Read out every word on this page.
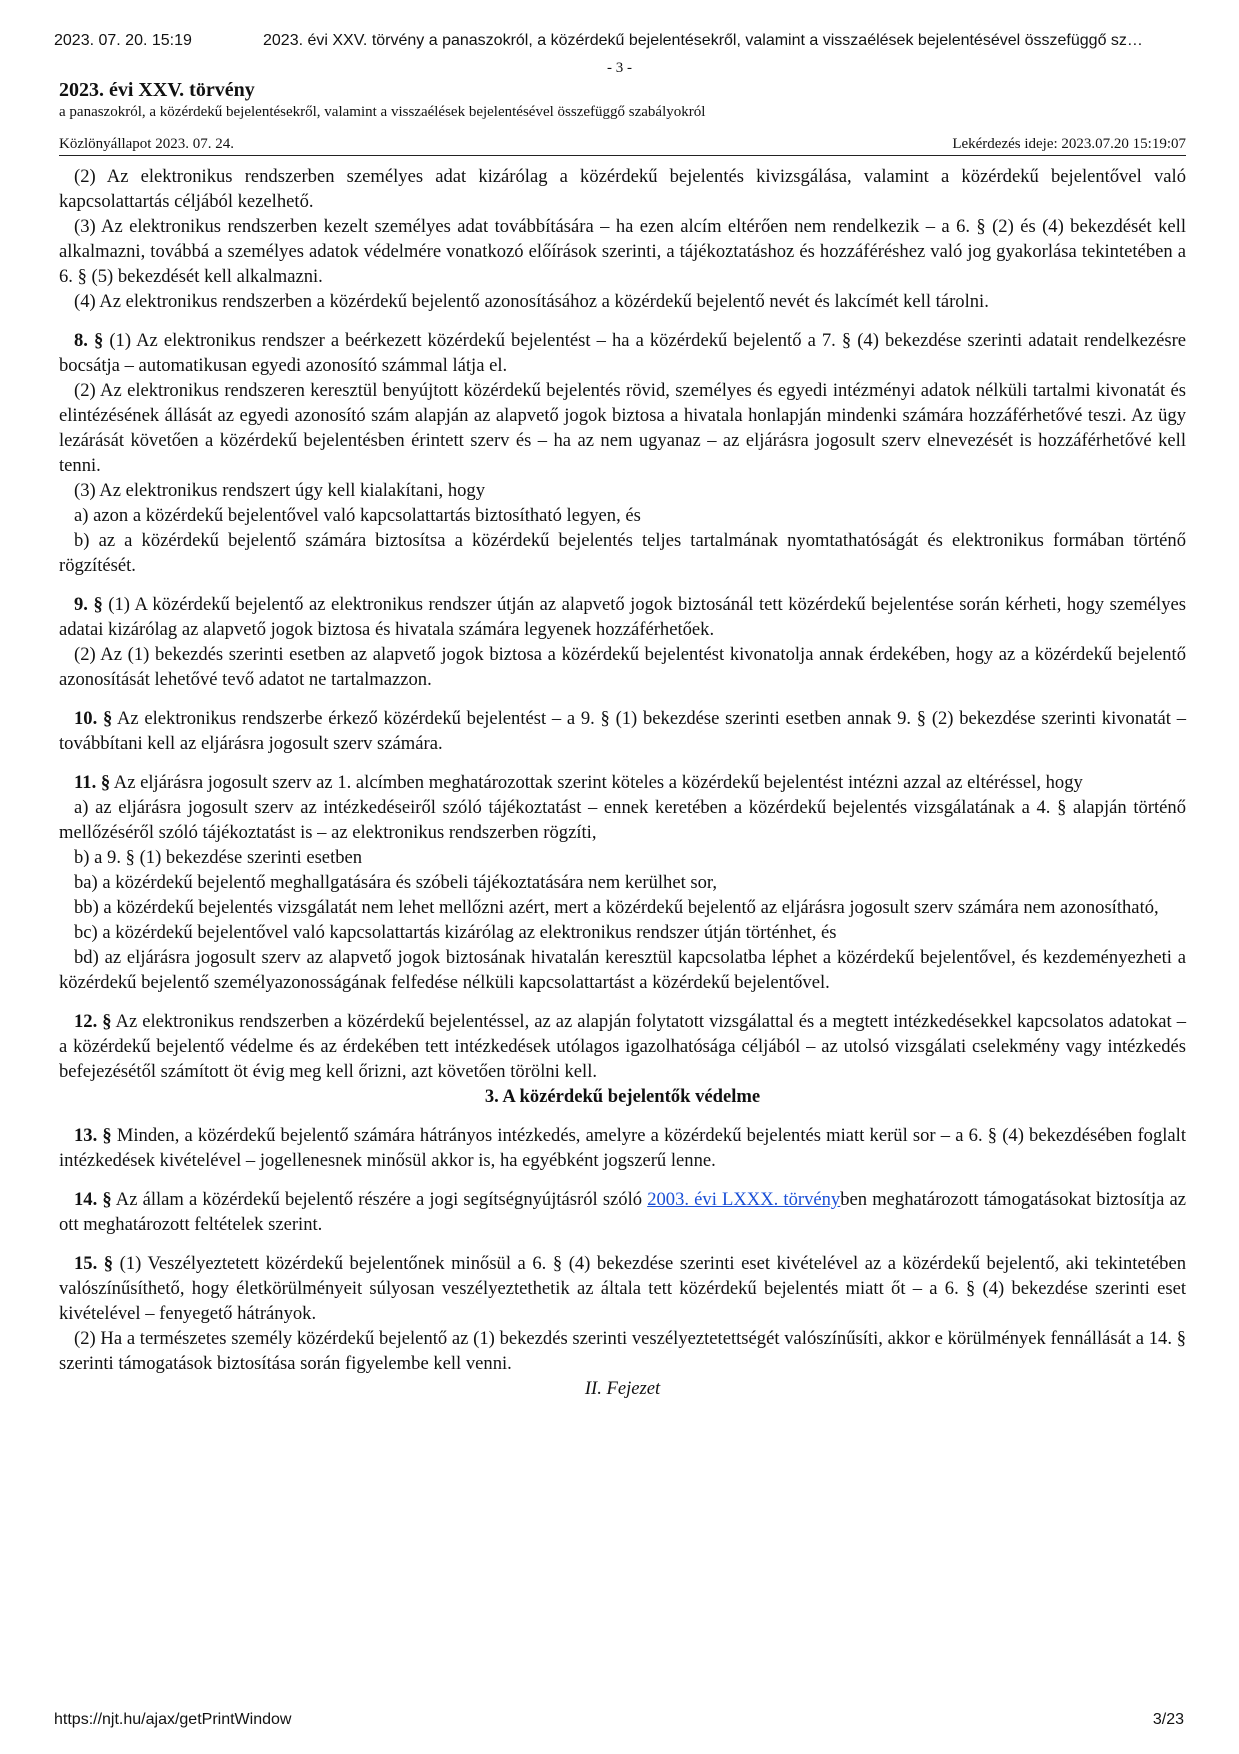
2023. 07. 20. 15:19	2023. évi XXV. törvény a panaszokról, a közérdekű bejelentésekről, valamint a visszaélések bejelentésével összefüggő sz…
- 3 -
2023. évi XXV. törvény
a panaszokról, a közérdekű bejelentésekről, valamint a visszaélések bejelentésével összefüggő szabályokról
Közlönyállapot 2023. 07. 24.	Lekérdezés ideje: 2023.07.20 15:19:07

(2) Az elektronikus rendszerben személyes adat kizárólag a közérdekű bejelentés kivizsgálása, valamint a közérdekű bejelentővel való kapcsolattartás céljából kezelhető.

(3) Az elektronikus rendszerben kezelt személyes adat továbbítására – ha ezen alcím eltérően nem rendelkezik – a 6. § (2) és (4) bekezdését kell alkalmazni, továbbá a személyes adatok védelmére vonatkozó előírások szerinti, a tájékoztatáshoz és hozzáféréshez való jog gyakorlása tekintetében a 6. § (5) bekezdését kell alkalmazni.

(4) Az elektronikus rendszerben a közérdekű bejelentő azonosításához a közérdekű bejelentő nevét és lakcímét kell tárolni.

8. § (1) Az elektronikus rendszer a beérkezett közérdekű bejelentést – ha a közérdekű bejelentő a 7. § (4) bekezdése szerinti adatait rendelkezésre bocsátja – automatikusan egyedi azonosító számmal látja el.

(2) Az elektronikus rendszeren keresztül benyújtott közérdekű bejelentés rövid, személyes és egyedi intézményi adatok nélküli tartalmi kivonatát és elintézésének állását az egyedi azonosító szám alapján az alapvető jogok biztosa a hivatala honlapján mindenki számára hozzáférhetővé teszi. Az ügy lezárását követően a közérdekű bejelentésben érintett szerv és – ha az nem ugyanaz – az eljárásra jogosult szerv elnevezését is hozzáférhetővé kell tenni.

(3) Az elektronikus rendszert úgy kell kialakítani, hogy

a) azon a közérdekű bejelentővel való kapcsolattartás biztosítható legyen, és

b) az a közérdekű bejelentő számára biztosítsa a közérdekű bejelentés teljes tartalmának nyomtathatóságát és elektronikus formában történő rögzítését.

9. § (1) A közérdekű bejelentő az elektronikus rendszer útján az alapvető jogok biztosánál tett közérdekű bejelentése során kérheti, hogy személyes adatai kizárólag az alapvető jogok biztosa és hivatala számára legyenek hozzáférhetőek.

(2) Az (1) bekezdés szerinti esetben az alapvető jogok biztosa a közérdekű bejelentést kivonatolja annak érdekében, hogy az a közérdekű bejelentő azonosítását lehetővé tevő adatot ne tartalmazzon.

10. § Az elektronikus rendszerbe érkező közérdekű bejelentést – a 9. § (1) bekezdése szerinti esetben annak 9. § (2) bekezdése szerinti kivonatát – továbbítani kell az eljárásra jogosult szerv számára.

11. § Az eljárásra jogosult szerv az 1. alcímben meghatározottak szerint köteles a közérdekű bejelentést intézni azzal az eltéréssel, hogy

a) az eljárásra jogosult szerv az intézkedéseiről szóló tájékoztatást – ennek keretében a közérdekű bejelentés vizsgálatának a 4. § alapján történő mellőzéséről szóló tájékoztatást is – az elektronikus rendszerben rögzíti,

b) a 9. § (1) bekezdése szerinti esetben

ba) a közérdekű bejelentő meghallgatására és szóbeli tájékoztatására nem kerülhet sor,

bb) a közérdekű bejelentés vizsgálatát nem lehet mellőzni azért, mert a közérdekű bejelentő az eljárásra jogosult szerv számára nem azonosítható,

bc) a közérdekű bejelentővel való kapcsolattartás kizárólag az elektronikus rendszer útján történhet, és

bd) az eljárásra jogosult szerv az alapvető jogok biztosának hivatalán keresztül kapcsolatba léphet a közérdekű bejelentővel, és kezdeményezheti a közérdekű bejelentő személyazonosságának felfedése nélküli kapcsolattartást a közérdekű bejelentővel.

12. § Az elektronikus rendszerben a közérdekű bejelentéssel, az az alapján folytatott vizsgálattal és a megtett intézkedésekkel kapcsolatos adatokat – a közérdekű bejelentő védelme és az érdekében tett intézkedések utólagos igazolhatósága céljából – az utolsó vizsgálati cselekmény vagy intézkedés befejezésétől számított öt évig meg kell őrizni, azt követően törölni kell.

3. A közérdekű bejelentők védelme

13. § Minden, a közérdekű bejelentő számára hátrányos intézkedés, amelyre a közérdekű bejelentés miatt kerül sor – a 6. § (4) bekezdésében foglalt intézkedések kivételével – jogellenesnek minősül akkor is, ha egyébként jogszerű lenne.

14. § Az állam a közérdekű bejelentő részére a jogi segítségnyújtásról szóló 2003. évi LXXX. törvényben meghatározott támogatásokat biztosítja az ott meghatározott feltételek szerint.

15. § (1) Veszélyeztetett közérdekű bejelentőnek minősül a 6. § (4) bekezdése szerinti eset kivételével az a közérdekű bejelentő, aki tekintetében valószínűsíthető, hogy életkörülményeit súlyosan veszélyeztethetik az általa tett közérdekű bejelentés miatt őt – a 6. § (4) bekezdése szerinti eset kivételével – fenyegető hátrányok.

(2) Ha a természetes személy közérdekű bejelentő az (1) bekezdés szerinti veszélyeztetettségét valószínűsíti, akkor e körülmények fennállását a 14. § szerinti támogatások biztosítása során figyelembe kell venni.

II. Fejezet

https://njt.hu/ajax/getPrintWindow	3/23
